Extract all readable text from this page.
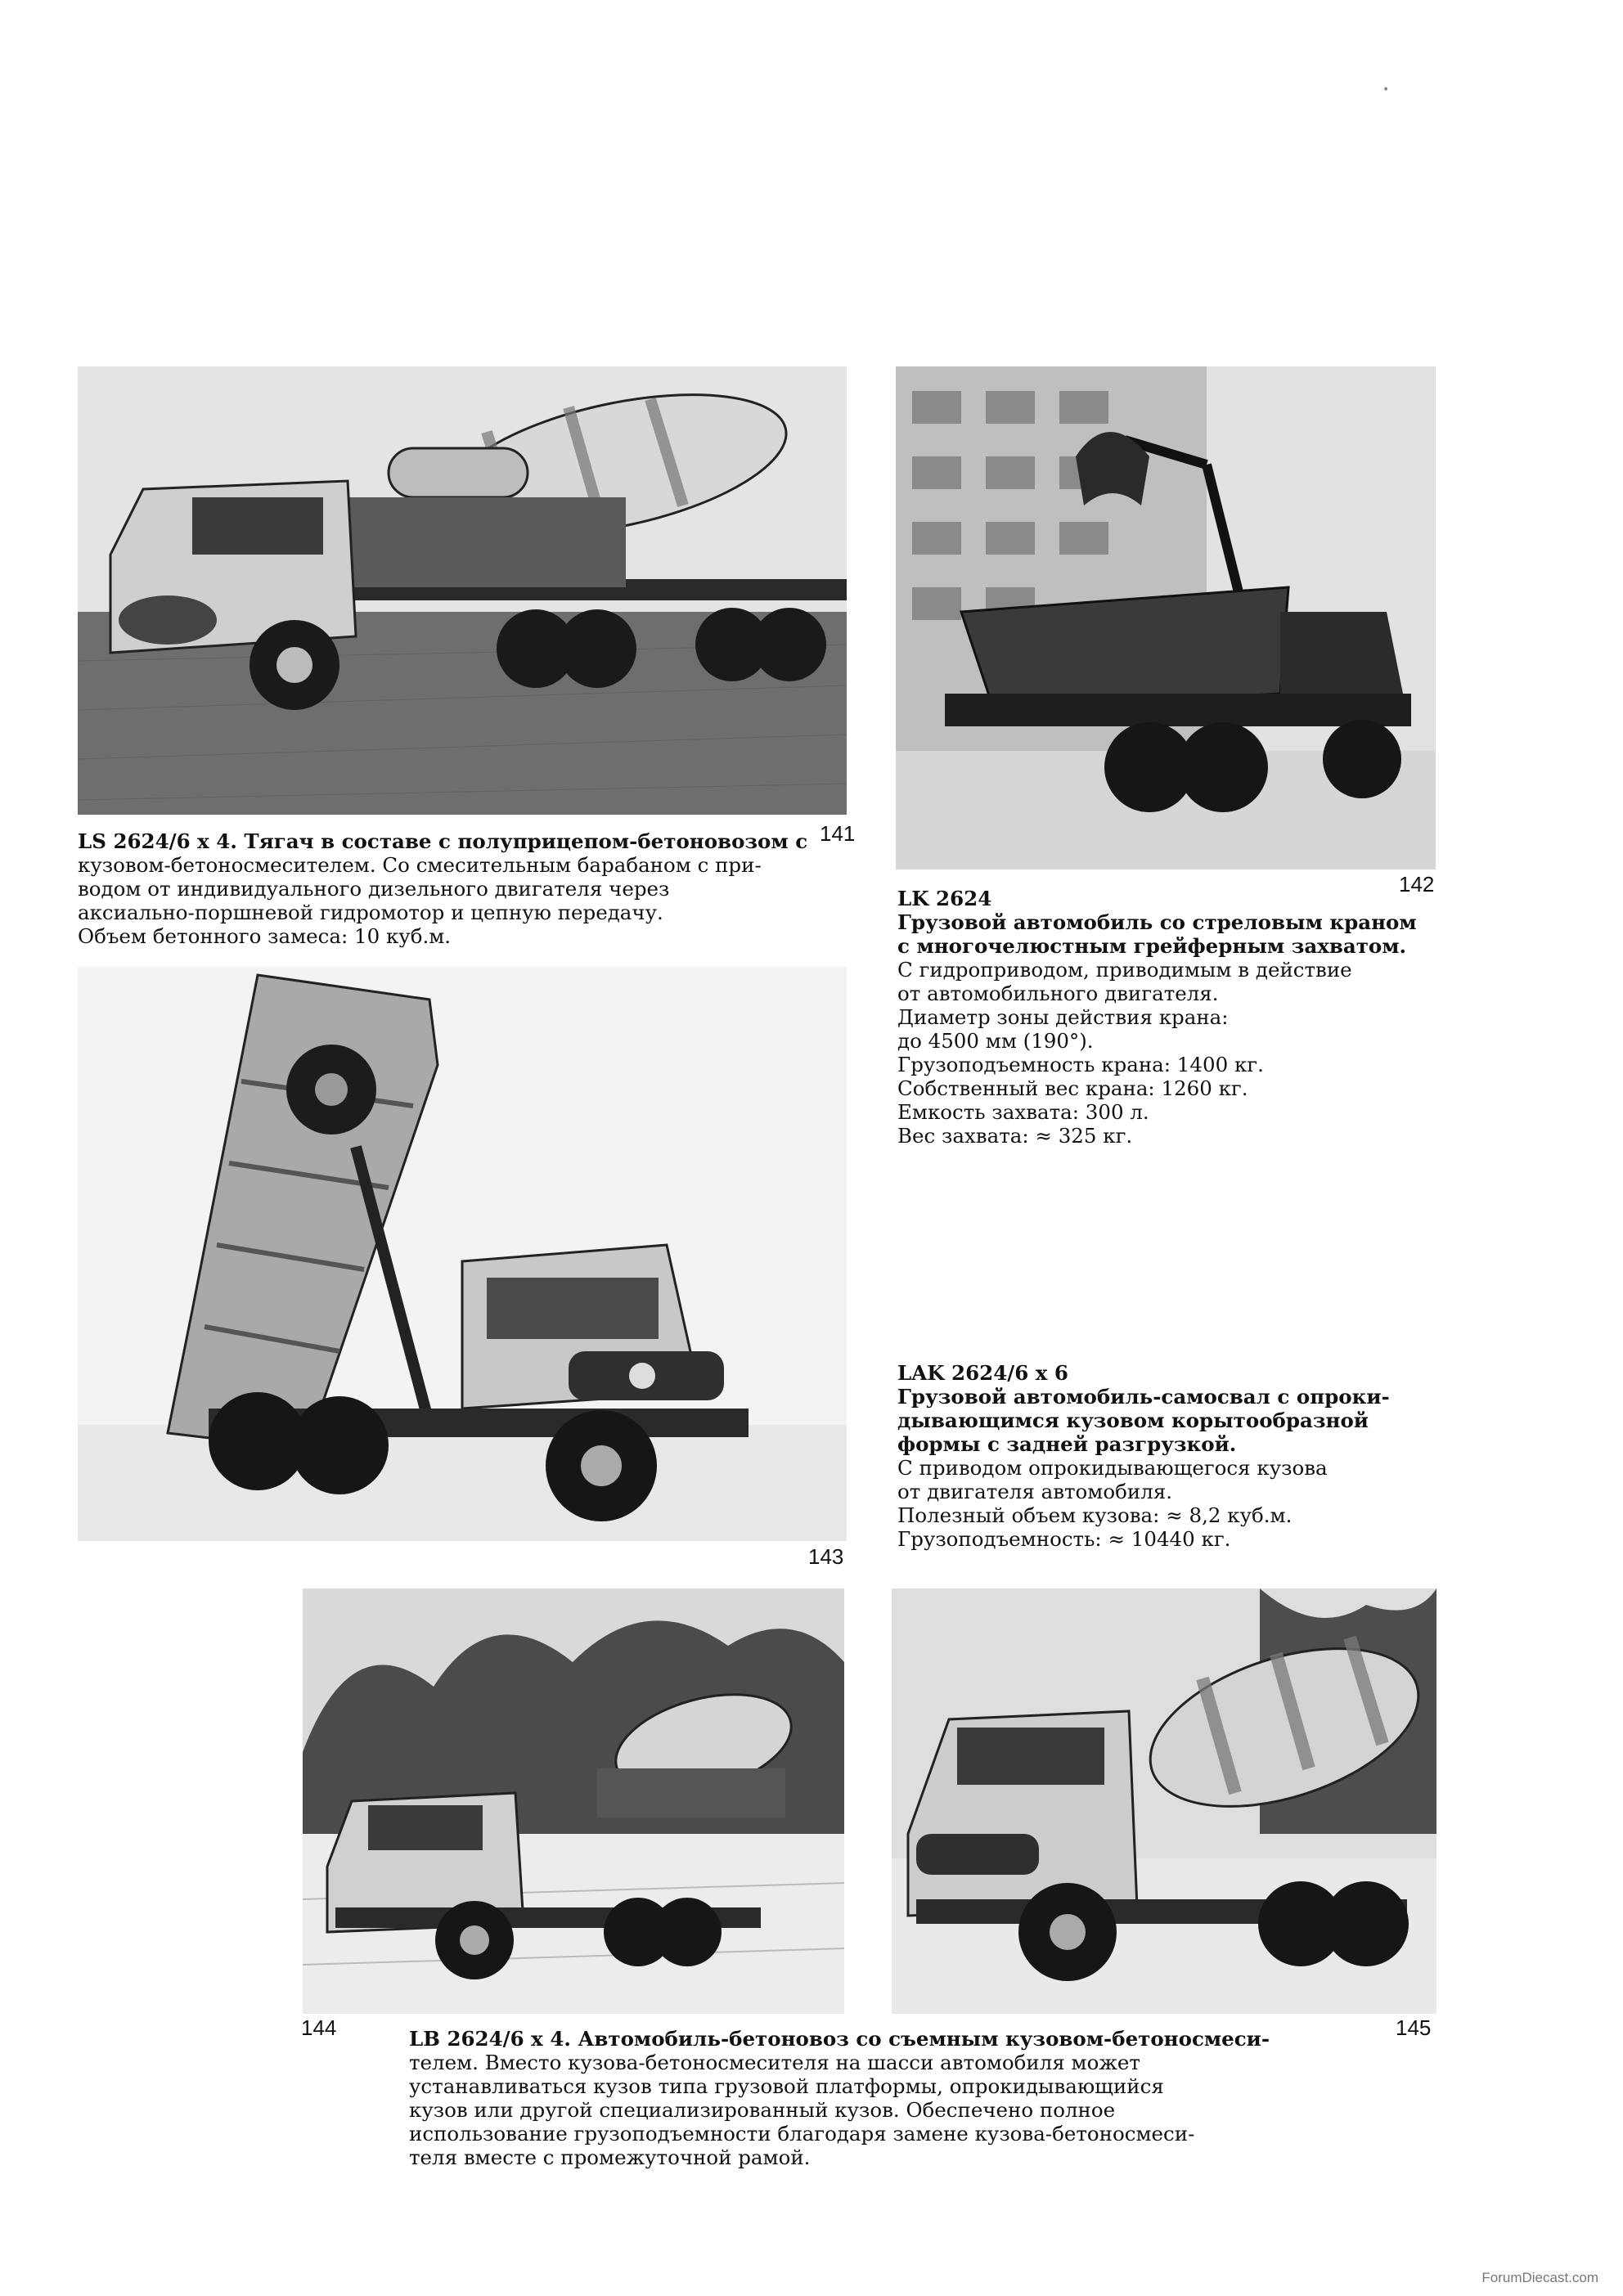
141
142
LS 2624/6 x 4. Тягач в составе с полуприцепом-бетоновозом с
кузовом-бетоносмесителем. Со смесительным барабаном с при-
водом от индивидуального дизельного двигателя через
аксиально-поршневой гидромотор и цепную передачу.
Объем бетонного замеса: 10 куб.м.
LK 2624
Грузовой автомобиль со стреловым краном
с многочелюстным грейферным захватом.
С гидроприводом, приводимым в действие
от автомобильного двигателя.
Диаметр зоны действия крана:
до 4500 мм (190°).
Грузоподъемность крана: 1400 кг.
Собственный вес крана: 1260 кг.
Емкость захвата: 300 л.
Вес захвата: ≈ 325 кг.
143
LAK 2624/6 x 6
Грузовой автомобиль-самосвал с опроки-
дывающимся кузовом корытообразной
формы с задней разгрузкой.
С приводом опрокидывающегося кузова
от двигателя автомобиля.
Полезный объем кузова: ≈ 8,2 куб.м.
Грузоподъемность: ≈ 10440 кг.
144	145
LB 2624/6 x 4. Автомобиль-бетоновоз со съемным кузовом-бетоносмеси-
телем. Вместо кузова-бетоносмесителя на шасси автомобиля может
устанавливаться кузов типа грузовой платформы, опрокидывающийся
кузов или другой специализированный кузов. Обеспечено полное
использование грузоподъемности благодаря замене кузова-бетоносмеси-
теля вместе с промежуточной рамой.
•
ForumDiecast.com
